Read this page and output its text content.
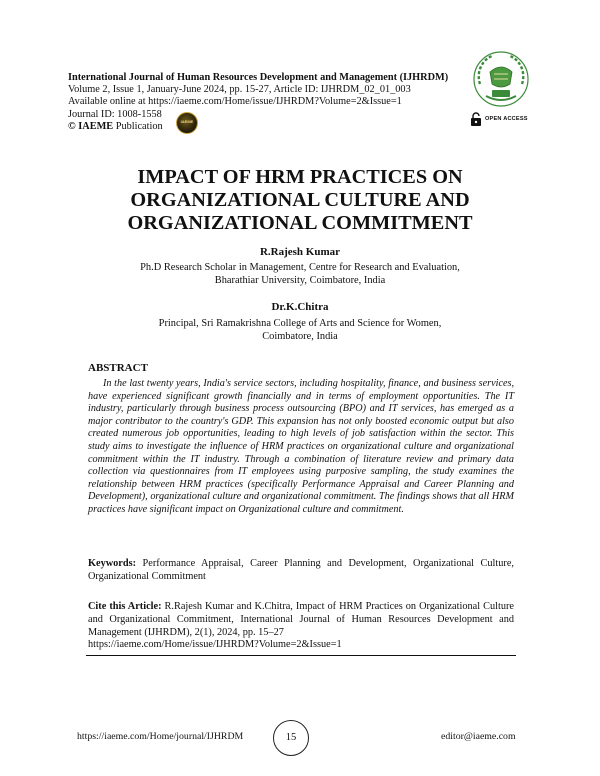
International Journal of Human Resources Development and Management (IJHRDM)
Volume 2, Issue 1, January-June 2024, pp. 15-27, Article ID: IJHRDM_02_01_003
Available online at https://iaeme.com/Home/issue/IJHRDM?Volume=2&Issue=1
Journal ID: 1008-1558
© IAEME Publication	IAEME	OPEN ACCESS
IMPACT OF HRM PRACTICES ON
ORGANIZATIONAL CULTURE AND
ORGANIZATIONAL COMMITMENT
R.Rajesh Kumar
Ph.D Research Scholar in Management, Centre for Research and Evaluation,
Bharathiar University, Coimbatore, India
Dr.K.Chitra
Principal, Sri Ramakrishna College of Arts and Science for Women,
Coimbatore, India
ABSTRACT
In the last twenty years, India's service sectors, including hospitality, finance, and business services, have experienced significant growth financially and in terms of employment opportunities. The IT industry, particularly through business process outsourcing (BPO) and IT services, has emerged as a major contributor to the country's GDP. This expansion has not only boosted economic output but also created numerous job opportunities, leading to high levels of job satisfaction within the sector. This study aims to investigate the influence of HRM practices on organizational culture and organizational commitment within the IT industry. Through a combination of literature review and primary data collection via questionnaires from IT employees using purposive sampling, the study examines the relationship between HRM practices (specifically Performance Appraisal and Career Planning and Development), organizational culture and organizational commitment. The findings shows that all HRM practices have significant impact on Organizational culture and commitment.
Keywords: Performance Appraisal, Career Planning and Development, Organizational Culture, Organizational Commitment
Cite this Article: R.Rajesh Kumar and K.Chitra, Impact of HRM Practices on Organizational Culture and Organizational Commitment, International Journal of Human Resources Development and Management (IJHRDM), 2(1), 2024, pp. 15–27
https://iaeme.com/Home/issue/IJHRDM?Volume=2&Issue=1
https://iaeme.com/Home/journal/IJHRDM	15	editor@iaeme.com
